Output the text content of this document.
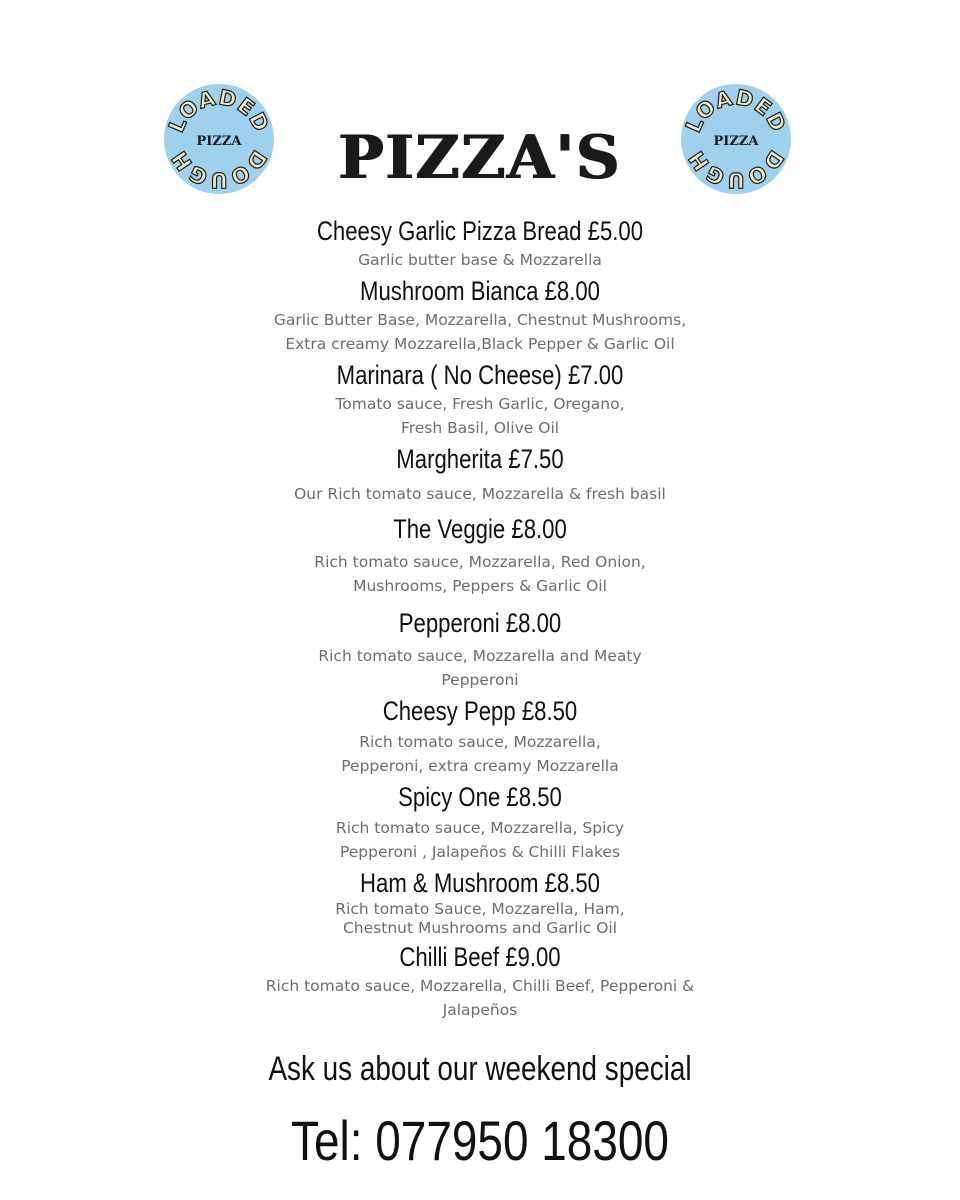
LOADED
PIZZA
DOUGH
LOADED
PIZZA
DOUGH
PIZZA'S
Cheesy Garlic Pizza Bread £5.00
Garlic butter base & Mozzarella
Mushroom Bianca £8.00
Garlic Butter Base, Mozzarella, Chestnut Mushrooms,
Extra creamy Mozzarella,Black Pepper & Garlic Oil
Marinara ( No Cheese) £7.00
Tomato sauce, Fresh Garlic, Oregano,
Fresh Basil, Olive Oil
Margherita £7.50
Our Rich tomato sauce, Mozzarella & fresh basil
The Veggie £8.00
Rich tomato sauce, Mozzarella, Red Onion,
Mushrooms, Peppers & Garlic Oil
Pepperoni £8.00
Rich tomato sauce, Mozzarella and Meaty
Pepperoni
Cheesy Pepp £8.50
Rich tomato sauce, Mozzarella,
Pepperoni, extra creamy Mozzarella
Spicy One £8.50
Rich tomato sauce, Mozzarella, Spicy
Pepperoni , Jalapeños & Chilli Flakes
Ham & Mushroom £8.50
Rich tomato Sauce, Mozzarella, Ham,
Chestnut Mushrooms and Garlic Oil
Chilli Beef £9.00
Rich tomato sauce, Mozzarella, Chilli Beef, Pepperoni &
Jalapeños
Ask us about our weekend special
Tel: 077950 18300
